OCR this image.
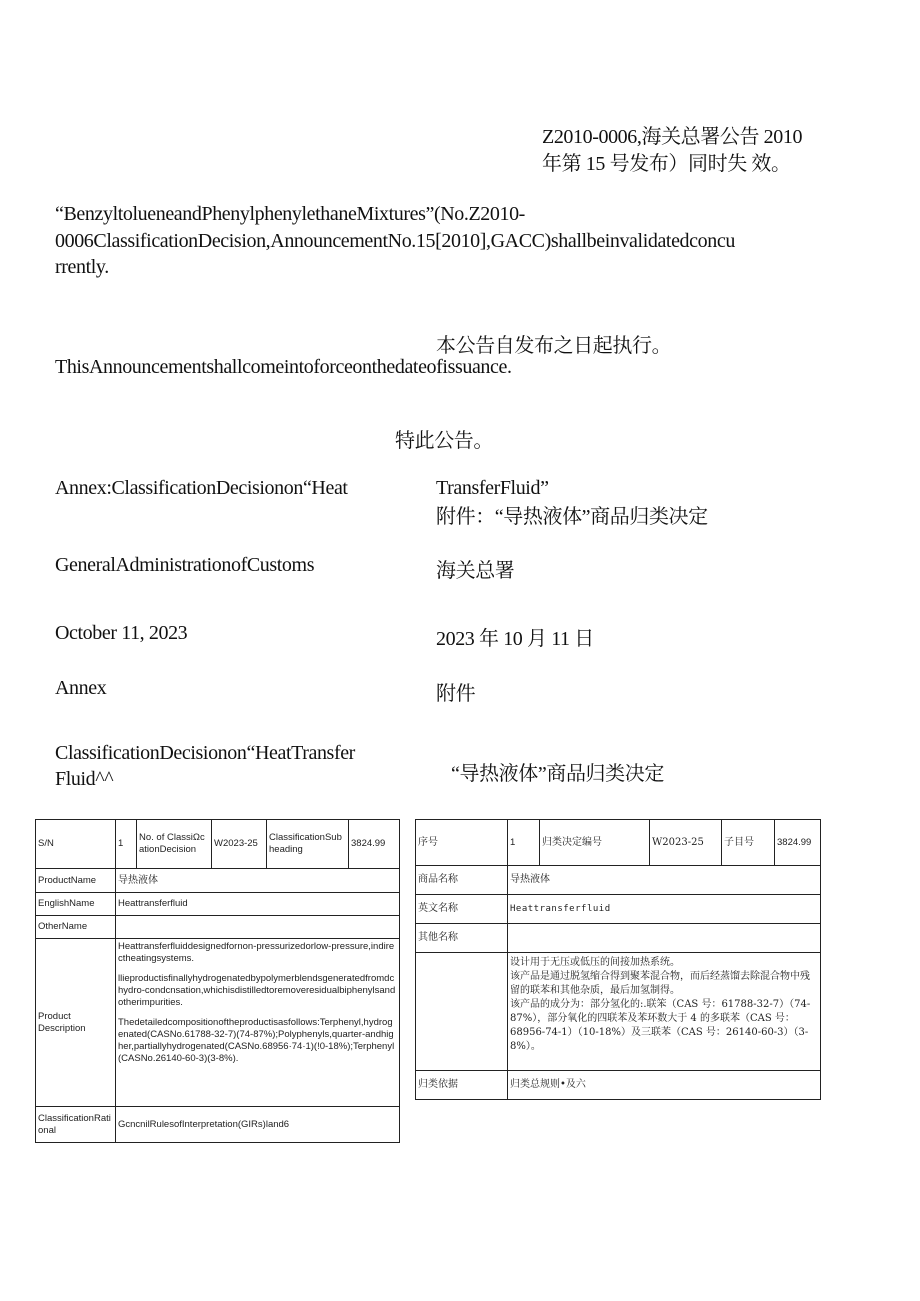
Z2010-0006,海关总署公告 2010
年第 15 号发布）同时失 效。
“BenzyltolueneandPhenylphenylethaneMixtures”(No.Z2010-
0006ClassificationDecision,AnnouncementNo.15[2010],GACC)shallbeinvalidatedconcu
rrently.
本公告自发布之日起执行。
ThisAnnouncementshallcomeintoforceonthedateofissuance.
特此公告。
Annex:ClassificationDecisionon“Heat	TransferFluid”
附件：“导热液体”商品归类决定
GeneralAdministrationofCustoms	海关总署
October 11, 2023	2023 年 10 月 11 日
Annex	附件
ClassificationDecisionon“HeatTransfer
Fluid^^	“导热液体”商品归类决定
S/N	1	No. of ClassiΩcationDecision	W2023-25	ClassificationSubheading	3824.99
ProductName	导热液体				
EnglishName	Heattransferfluid				
OtherName					
Product Description	Heattransferfluiddesignedfornon-pressurizedorlow-pressure,indirectheatingsystems.

llieproductisfinallyhydrogenatedbypolymerblendsgeneratedfromdchydro-condcnsation,whichisdistilledtoremoveresidualbiphenylsandotherimpurities.

Thedetailedcompositionoftheproductisasfollows:Terphenyl,hydrogenated(CASNo.61788-32-7)(74-87%);Polyphenyls,quarter-andhigher,partiallyhydrogenated(CASNo.68956·74·1)(!0-18%);Terphenyl(CASNo.26140-60-3)(3-8%).				

ClassificationRational	GcncnilRulesofInterpretation(GIRs)land6				
序号	1	归类决定编号	W2023-25	子目号	3824.99
商品名称	导热液体				
英文名称	Heattransferfluid				
其他名称					
	设计用于无压或低压的间接加热系统。
该产品是通过脱氢缩合得到聚苯混合物，而后经蒸馏去除混合物中残留的联苯和其他杂质，最后加氢制得。
该产品的成分为：部分氢化的:.联笨（CAS 号：61788-32-7）（74-87%），部分氧化的四联苯及苯环数大于 4 的多联苯（CAS 号：68956-74-1）（10-18%）及三联苯（CAS 号：26140-60-3）（3-8%）。				
归类依据	归类总规则•及六				
